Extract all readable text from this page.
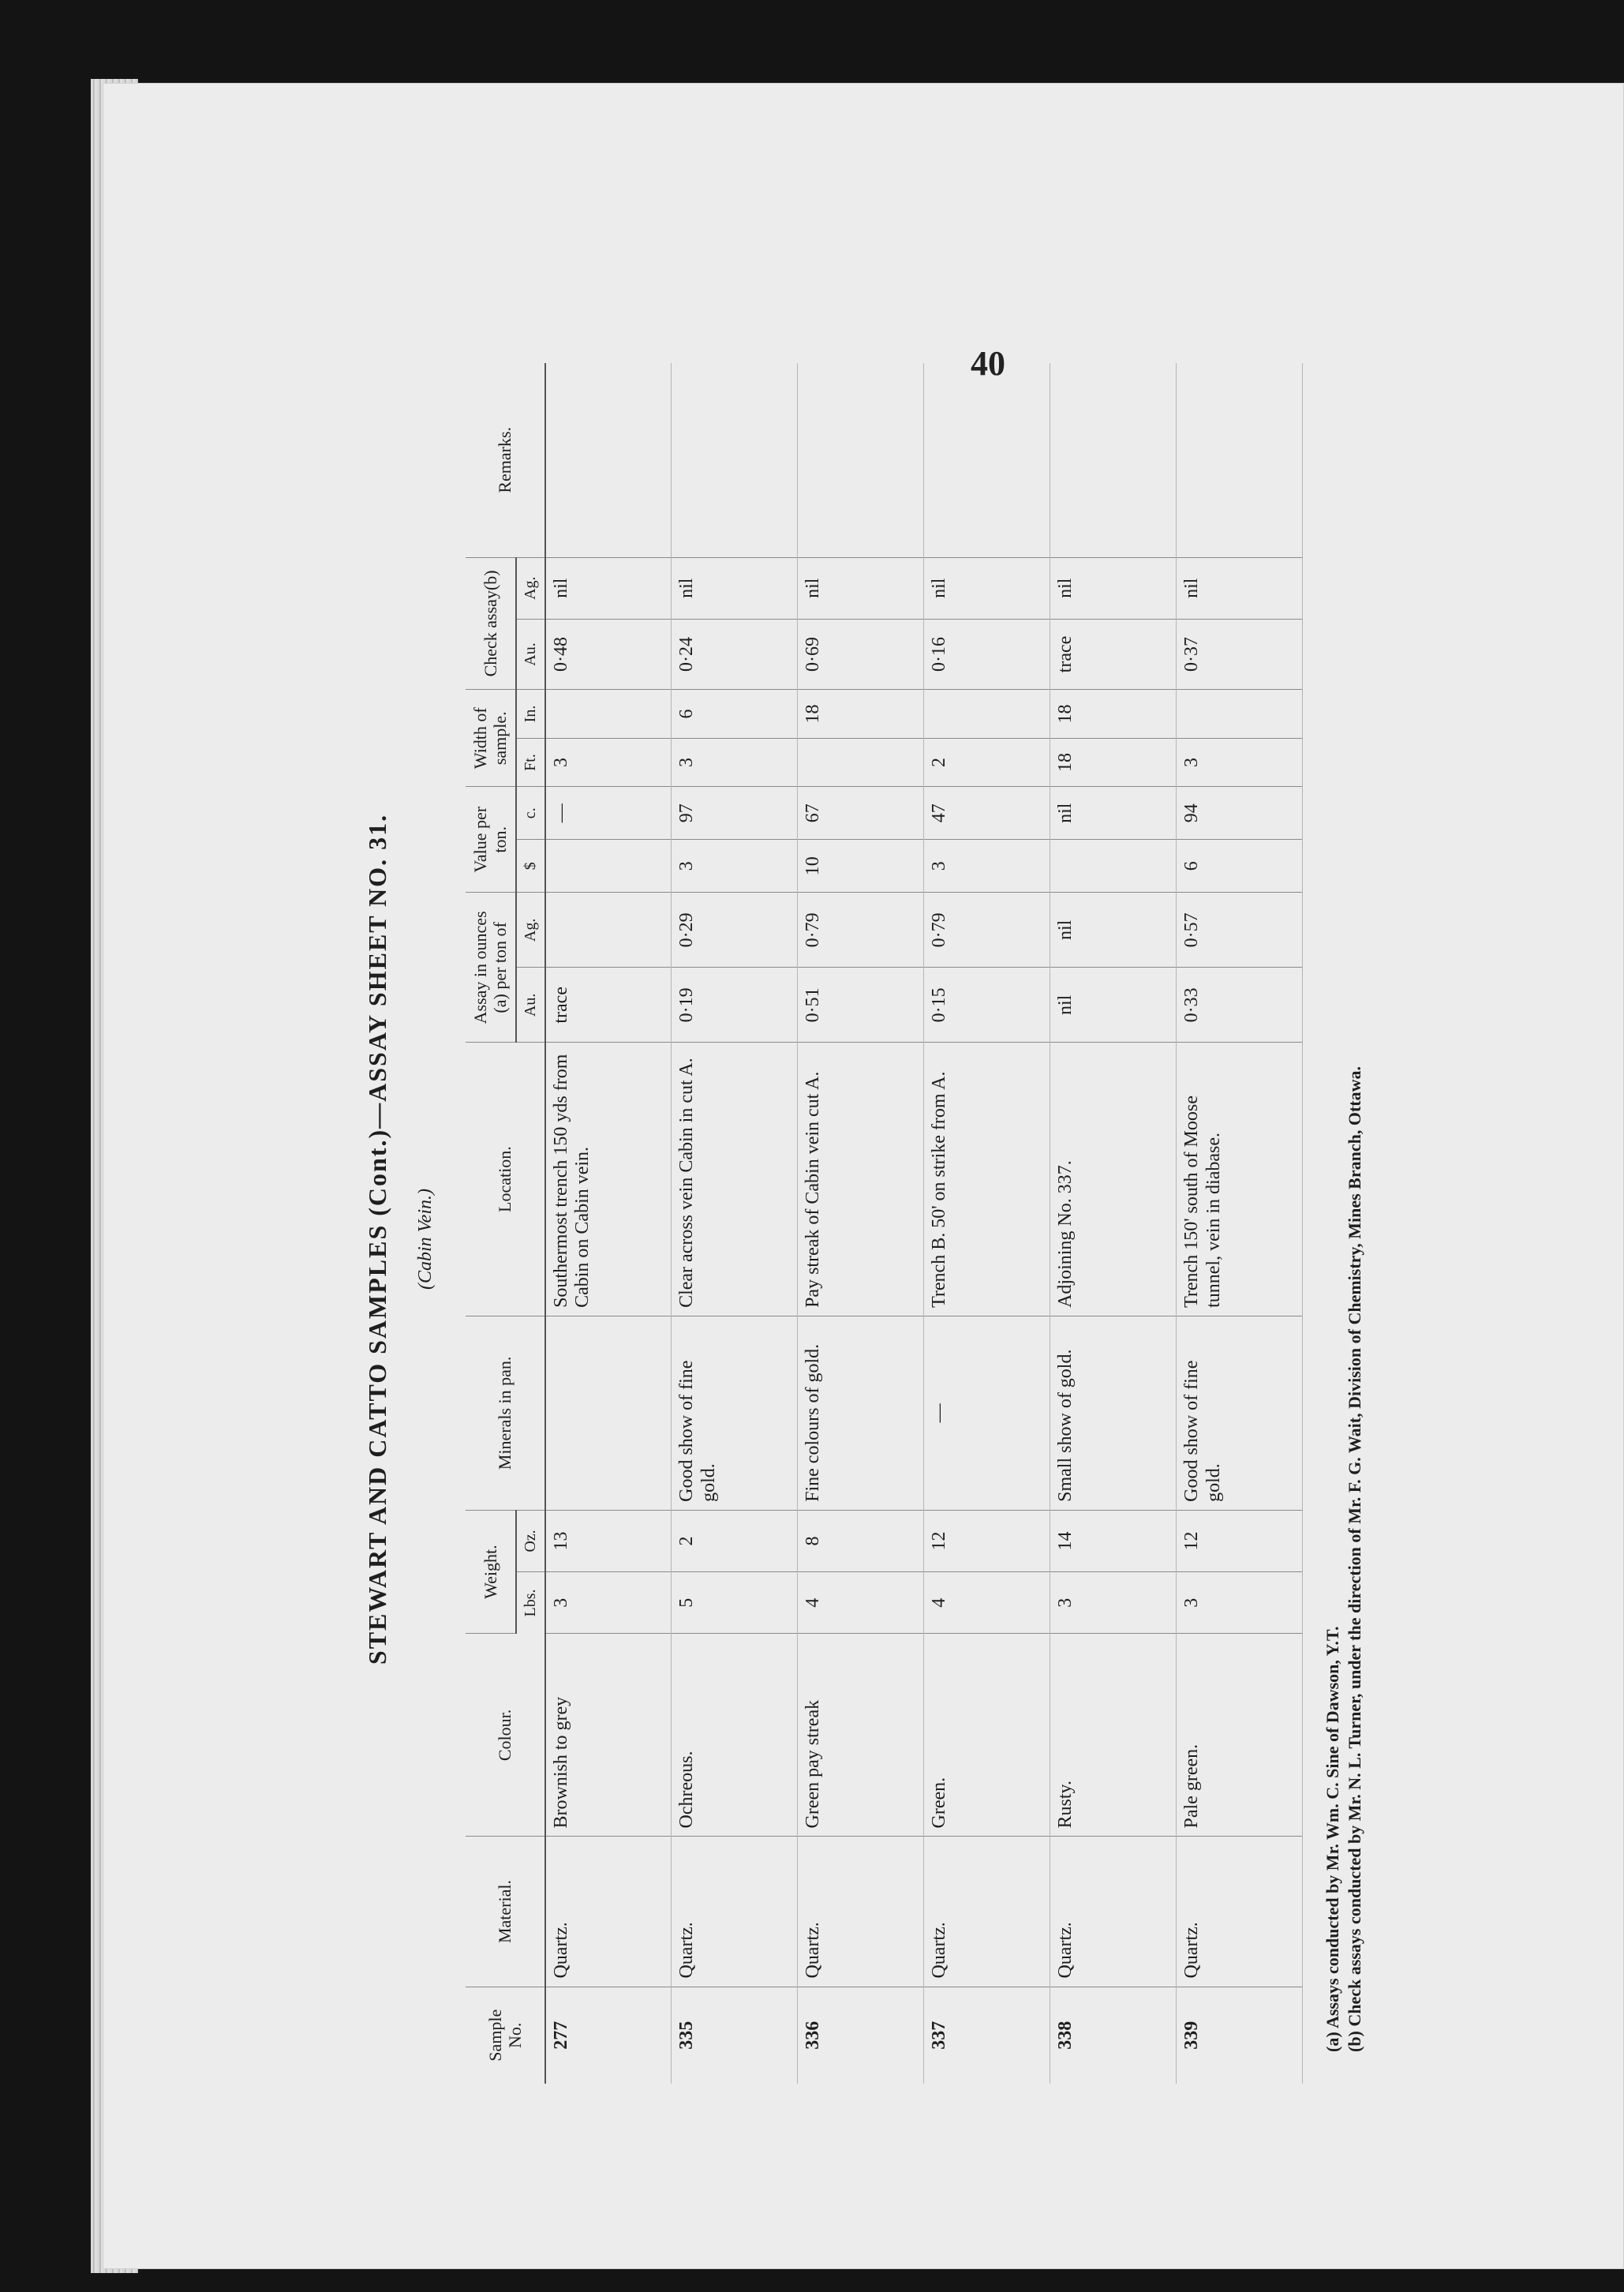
40
STEWART AND CATTO SAMPLES (Cont.)—ASSAY SHEET NO. 31. (Cabin Vein.)
Sample No.	Material.	Colour.	Weight.		Minerals in pan.	Location.	Assay in ounces (a) per ton of		Value per ton.		Width of sample.		Check assay(b)		Remarks.
			Lbs.	Oz.			Au.	Ag.	$	c.	Ft.	In.	Au.	Ag.	
277	Quartz.	Brownish to grey	3	13		Southermost trench 150 yds from Cabin on Cabin vein.	trace			—	3		0·48	nil	
335	Quartz.	Ochreous.	5	2	Good show of fine gold.	Clear across vein Cabin in cut A.	0·19	0·29	3	97	3	6	0·24	nil	
336	Quartz.	Green pay streak	4	8	Fine colours of gold.	Pay streak of Cabin vein cut A.	0·51	0·79	10	67		18	0·69	nil	
337	Quartz.	Green.	4	12	—	Trench B. 50' on strike from A.	0·15	0·79	3	47	2		0·16	nil	
338	Quartz.	Rusty.	3	14	Small show of gold.	Adjoining No. 337.	nil	nil		nil	18	18	trace	nil	
339	Quartz.	Pale green.	3	12	Good show of fine gold.	Trench 150' south of Moose tunnel, vein in diabase.	0·33	0·57	6	94	3		0·37	nil	
(a) Assays conducted by Mr. Wm. C. Sine of Dawson, Y.T. (b) Check assays conducted by Mr. N. L. Turner, under the direction of Mr. F. G. Wait, Division of Chemistry, Mines Branch, Ottawa.
